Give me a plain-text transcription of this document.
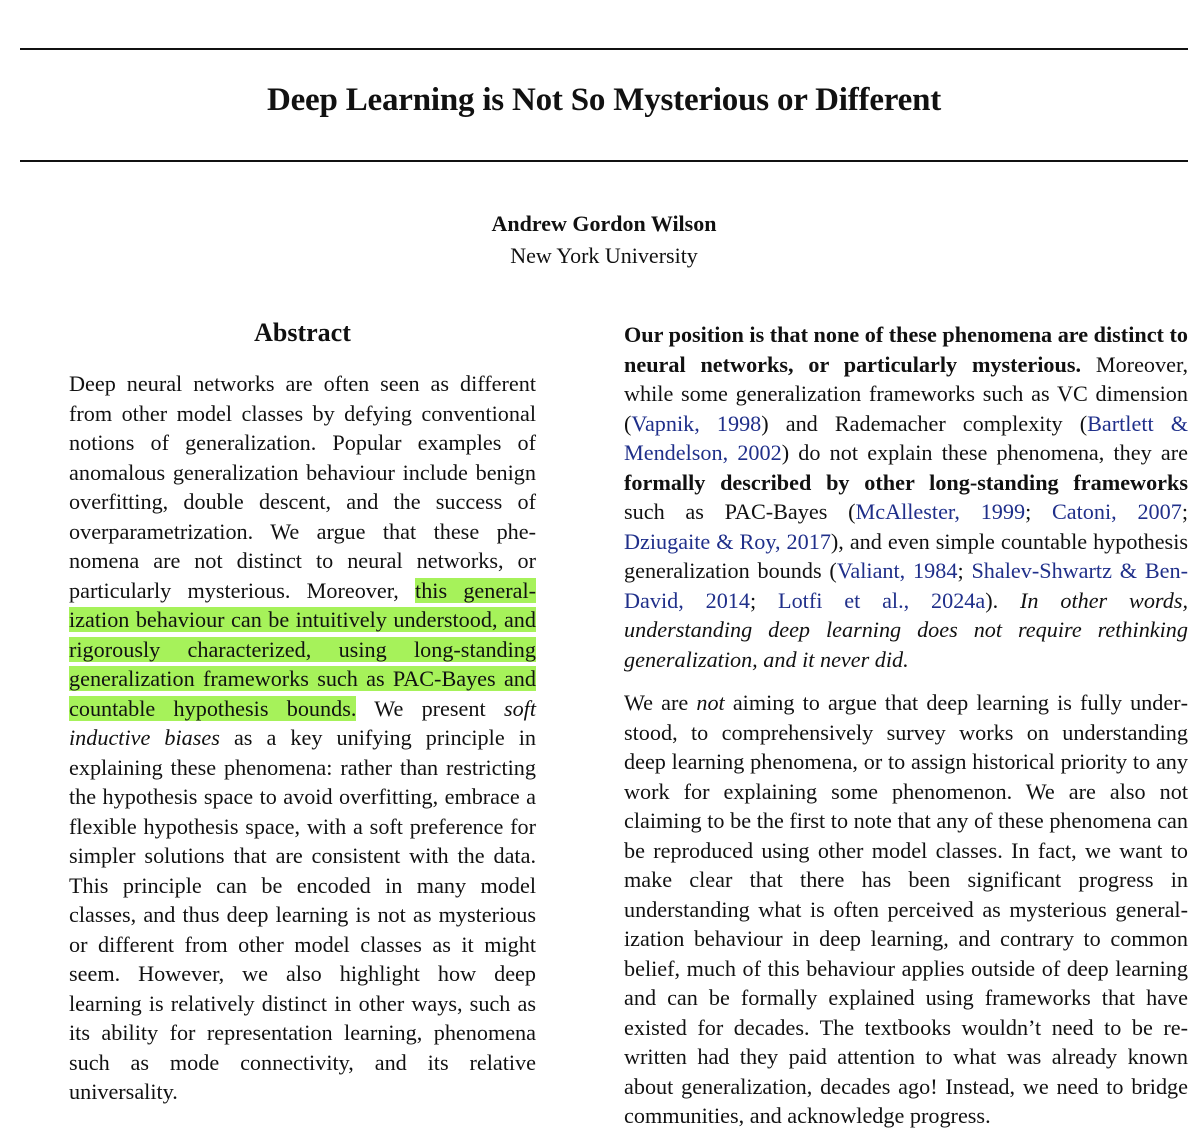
Deep Learning is Not So Mysterious or Different
Andrew Gordon Wilson
New York University
Abstract

Deep neural networks are often seen as different from other model classes by defying conventional notions of generalization. Popular examples of anomalous generalization behaviour include benign overfitting, double descent, and the success of overparametrization. We argue that these phenomena are not distinct to neural networks, or particularly mysterious. Moreover, this generalization behaviour can be intuitively understood, and rigorously characterized, using long-standing generalization frameworks such as PAC-Bayes and countable hypothesis bounds. We present soft inductive biases as a key unifying principle in explaining these phenomena: rather than restricting the hypothesis space to avoid overfitting, embrace a flexible hypothesis space, with a soft preference for simpler solutions that are consistent with the data. This principle can be encoded in many model classes, and thus deep learning is not as mysterious or different from other model classes as it might seem. However, we also highlight how deep learning is relatively distinct in other ways, such as its ability for representation learning, phenomena such as mode connectivity, and its relative universality.

Our position is that none of these phenomena are distinct to neural networks, or particularly mysterious. Moreover, while some generalization frameworks such as VC dimension (Vapnik, 1998) and Rademacher complexity (Bartlett & Mendelson, 2002) do not explain these phenomena, they are formally described by other long-standing frameworks such as PAC-Bayes (McAllester, 1999; Catoni, 2007; Dziugaite & Roy, 2017), and even simple countable hypothesis generalization bounds (Valiant, 1984; Shalev-Shwartz & Ben-David, 2014; Lotfi et al., 2024a). In other words, understanding deep learning does not require rethinking generalization, and it never did.

We are not aiming to argue that deep learning is fully understood, to comprehensively survey works on understanding deep learning phenomena, or to assign historical priority to any work for explaining some phenomenon. We are also not claiming to be the first to note that any of these phenomena can be reproduced using other model classes. In fact, we want to make clear that there has been significant progress in understanding what is often perceived as mysterious generalization behaviour in deep learning, and contrary to common belief, much of this behaviour applies outside of deep learning and can be formally explained using frameworks that have existed for decades. The textbooks wouldn’t need to be re-written had they paid attention to what was already known about generalization, decades ago! Instead, we need to bridge communities, and acknowledge progress.
